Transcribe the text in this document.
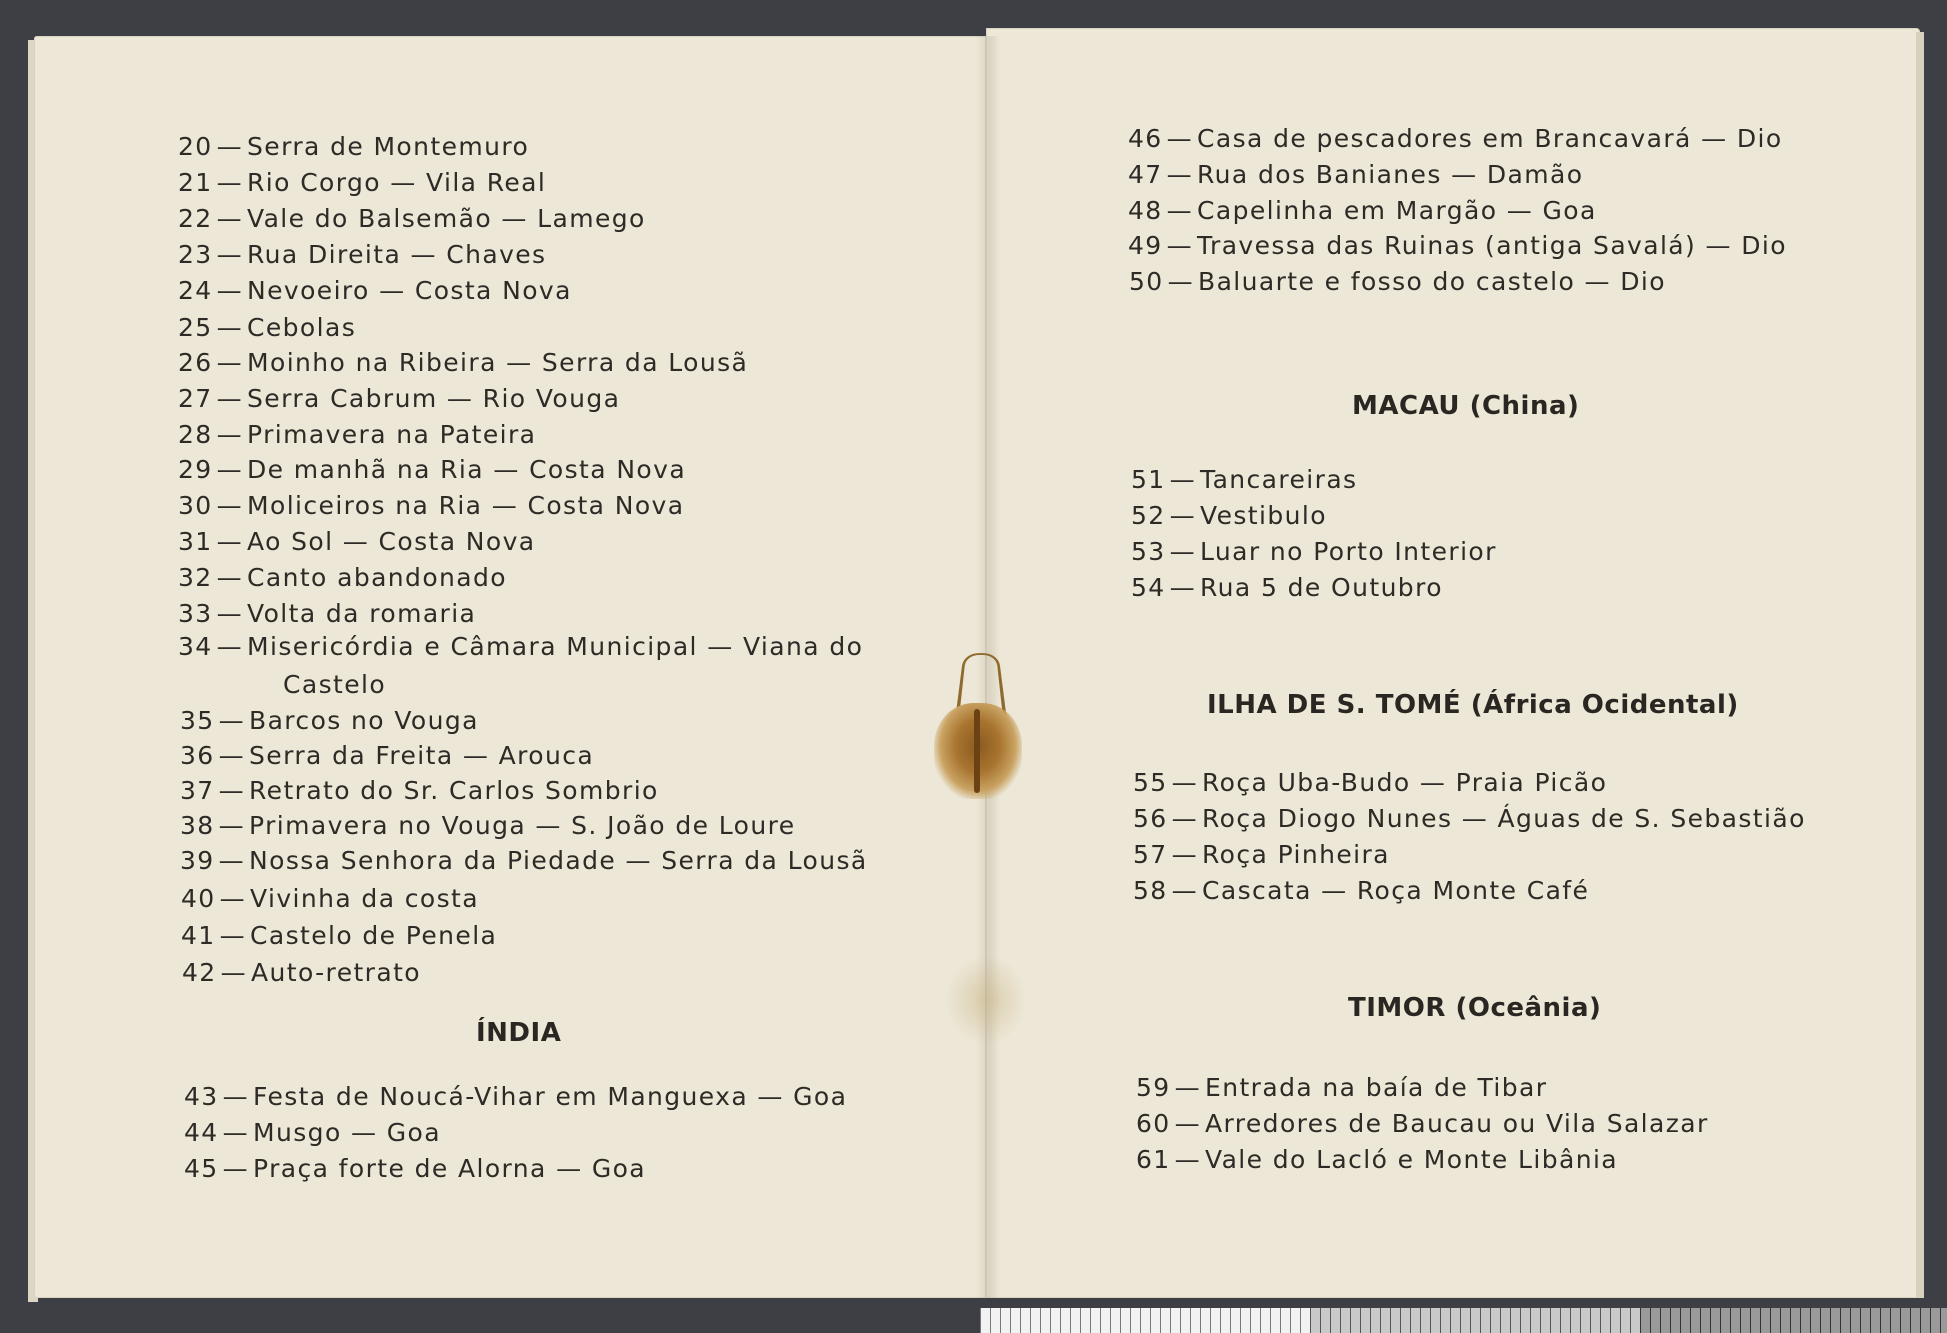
20 — Serra de Montemuro
21 — Rio Corgo — Vila Real
22 — Vale do Balsemão — Lamego
23 — Rua Direita — Chaves
24 — Nevoeiro — Costa Nova
25 — Cebolas
26 — Moinho na Ribeira — Serra da Lousã
27 — Serra Cabrum — Rio Vouga
28 — Primavera na Pateira
29 — De manhã na Ria — Costa Nova
30 — Moliceiros na Ria — Costa Nova
31 — Ao Sol — Costa Nova
32 — Canto abandonado
33 — Volta da romaria
34 — Misericórdia e Câmara Municipal — Viana do
Castelo
35 — Barcos no Vouga
36 — Serra da Freita — Arouca
37 — Retrato do Sr. Carlos Sombrio
38 — Primavera no Vouga — S. João de Loure
39 — Nossa Senhora da Piedade — Serra da Lousã
40 — Vivinha da costa
41 — Castelo de Penela
42 — Auto-retrato
ÍNDIA
43 — Festa de Noucá-Vihar em Manguexa — Goa
44 — Musgo — Goa
45 — Praça forte de Alorna — Goa
46 — Casa de pescadores em Brancavará — Dio
47 — Rua dos Banianes — Damão
48 — Capelinha em Margão — Goa
49 — Travessa das Ruinas (antiga Savalá) — Dio
50 — Baluarte e fosso do castelo — Dio
MACAU (China)
51 — Tancareiras
52 — Vestibulo
53 — Luar no Porto Interior
54 — Rua 5 de Outubro
ILHA DE S. TOMÉ (África Ocidental)
55 — Roça Uba-Budo — Praia Picão
56 — Roça Diogo Nunes — Águas de S. Sebastião
57 — Roça Pinheira
58 — Cascata — Roça Monte Café
TIMOR (Oceânia)
59 — Entrada na baía de Tibar
60 — Arredores de Baucau ou Vila Salazar
61 — Vale do Lacló e Monte Libânia
